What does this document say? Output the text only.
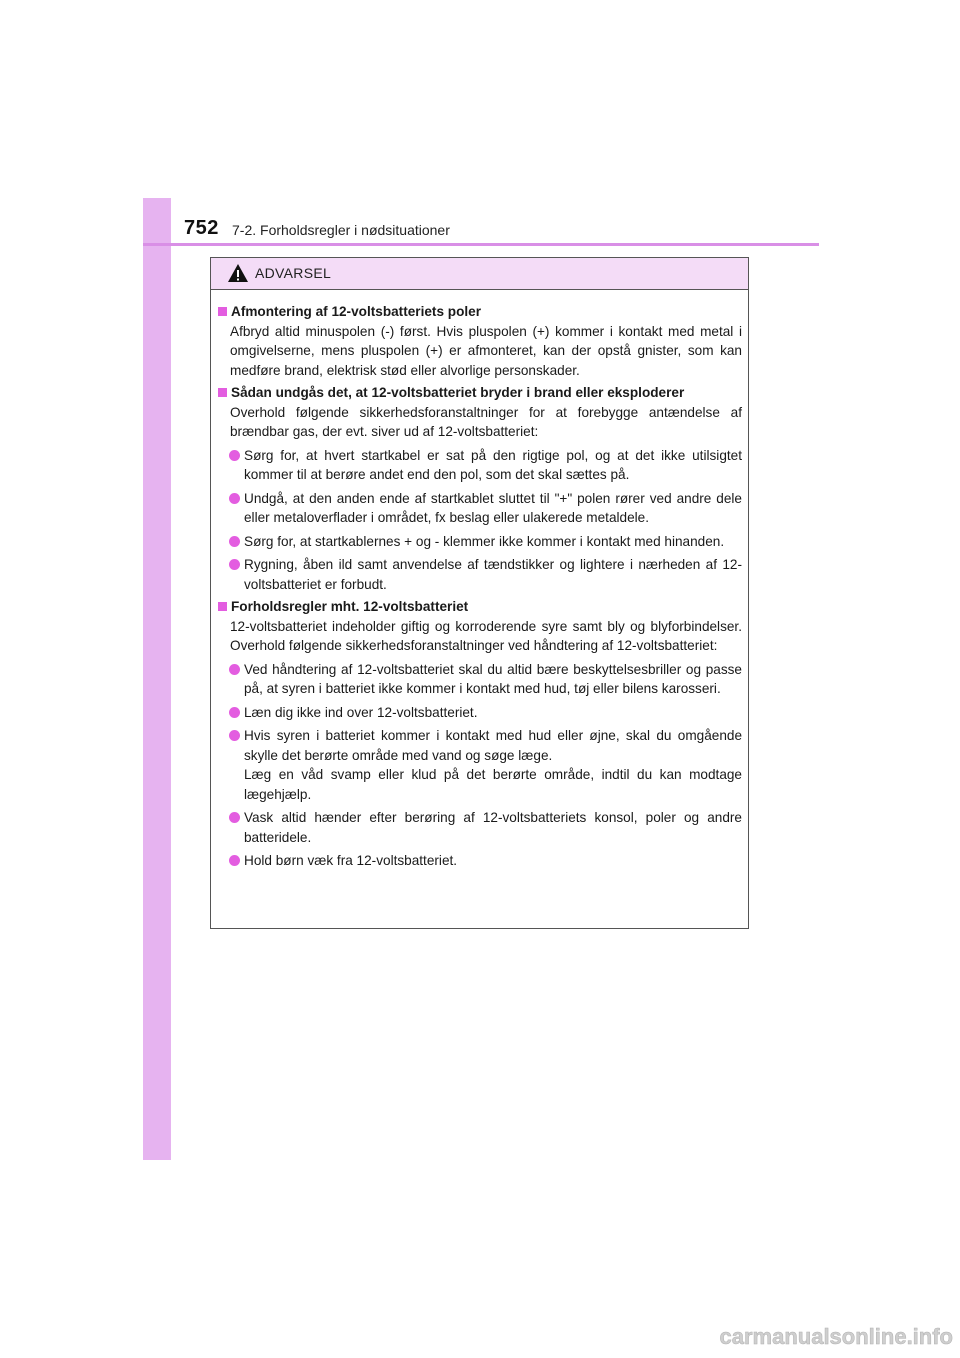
752 7-2. Forholdsregler i nødsituationer
ADVARSEL
Afmontering af 12-voltsbatteriets poler
Afbryd altid minuspolen (-) først. Hvis pluspolen (+) kommer i kontakt med metal i omgivelserne, mens pluspolen (+) er afmonteret, kan der opstå gnister, som kan medføre brand, elektrisk stød eller alvorlige personskader.
Sådan undgås det, at 12-voltsbatteriet bryder i brand eller eksploderer
Overhold følgende sikkerhedsforanstaltninger for at forebygge antændelse af brændbar gas, der evt. siver ud af 12-voltsbatteriet:
Sørg for, at hvert startkabel er sat på den rigtige pol, og at det ikke utilsigtet kommer til at berøre andet end den pol, som det skal sættes på.
Undgå, at den anden ende af startkablet sluttet til "+" polen rører ved andre dele eller metaloverflader i området, fx beslag eller ulakerede metaldele.
Sørg for, at startkablernes + og - klemmer ikke kommer i kontakt med hinanden.
Rygning, åben ild samt anvendelse af tændstikker og lightere i nærheden af 12-voltsbatteriet er forbudt.
Forholdsregler mht. 12-voltsbatteriet
12-voltsbatteriet indeholder giftig og korroderende syre samt bly og blyforbindelser. Overhold følgende sikkerhedsforanstaltninger ved håndtering af 12-voltsbatteriet:
Ved håndtering af 12-voltsbatteriet skal du altid bære beskyttelsesbriller og passe på, at syren i batteriet ikke kommer i kontakt med hud, tøj eller bilens karosseri.
Læn dig ikke ind over 12-voltsbatteriet.
Hvis syren i batteriet kommer i kontakt med hud eller øjne, skal du omgående skylle det berørte område med vand og søge læge.
Læg en våd svamp eller klud på det berørte område, indtil du kan modtage lægehjælp.
Vask altid hænder efter berøring af 12-voltsbatteriets konsol, poler og andre batteridele.
Hold børn væk fra 12-voltsbatteriet.
carmanualsonline.info
